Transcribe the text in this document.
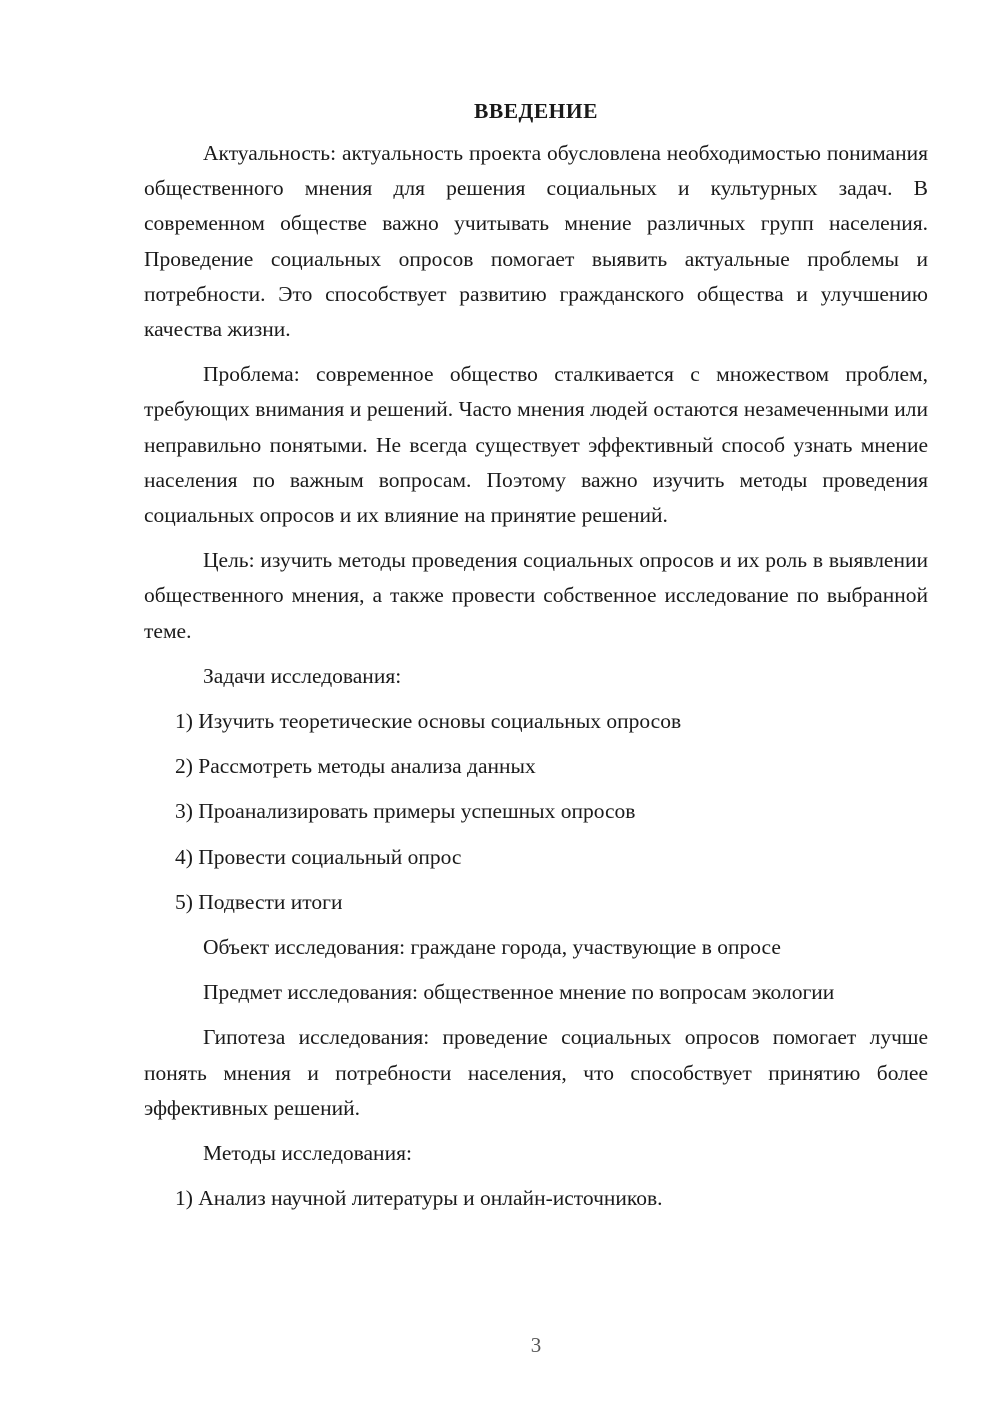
ВВЕДЕНИЕ

Актуальность: актуальность проекта обусловлена необходимостью понимания общественного мнения для решения социальных и культурных задач. В современном обществе важно учитывать мнение различных групп населения. Проведение социальных опросов помогает выявить актуальные проблемы и потребности. Это способствует развитию гражданского общества и улучшению качества жизни.

Проблема: современное общество сталкивается с множеством проблем, требующих внимания и решений. Часто мнения людей остаются незамеченными или неправильно понятыми. Не всегда существует эффективный способ узнать мнение населения по важным вопросам. Поэтому важно изучить методы проведения социальных опросов и их влияние на принятие решений.

Цель: изучить методы проведения социальных опросов и их роль в выявлении общественного мнения, а также провести собственное исследование по выбранной теме.

Задачи исследования:
1) Изучить теоретические основы социальных опросов
2) Рассмотреть методы анализа данных
3) Проанализировать примеры успешных опросов
4) Провести социальный опрос
5) Подвести итоги
Объект исследования: граждане города, участвующие в опросе

Предмет исследования: общественное мнение по вопросам экологии

Гипотеза исследования: проведение социальных опросов помогает лучше понять мнения и потребности населения, что способствует принятию более эффективных решений.

Методы исследования:
1) Анализ научной литературы и онлайн-источников.
3
